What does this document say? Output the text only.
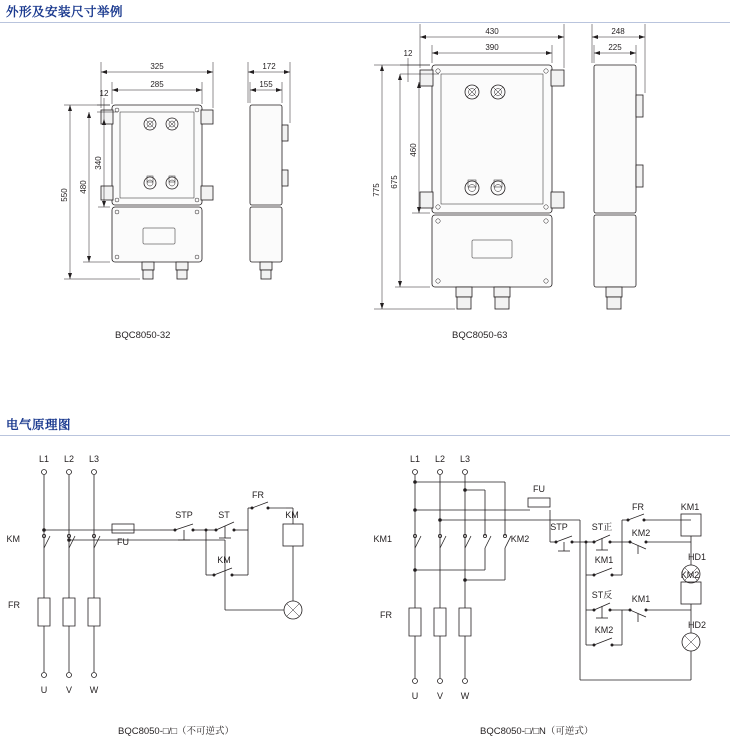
外形及安装尺寸举例
电气原理图
325
285
12
550
480
340
172
155
430
390
12
775
675
460
248
225
BQC8050-32	BQC8050-63
L1 L2 L3
KM
FR
U V W
FU
STP	ST
FR
KM
KM
L1 L2 L3
FU
KM1	KM2
FR
U V W
STP	ST正
FR
KM2
KM1
HD1
KM1
ST反 KM1
KM2
HD2
KM2
BQC8050-□/□（不可逆式）	BQC8050-□/□N（可逆式）
